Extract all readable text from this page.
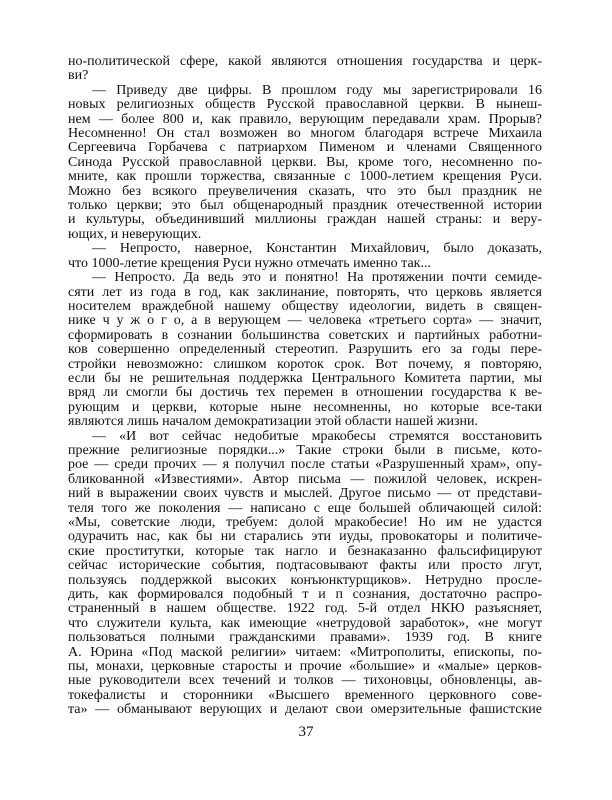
но-политической сфере, какой являются отношения государства и церк-
ви?
— Приведу две цифры. В прошлом году мы зарегистрировали 16
новых религиозных обществ Русской православной церкви. В нынеш-
нем — более 800 и, как правило, верующим передавали храм. Прорыв?
Несомненно! Он стал возможен во многом благодаря встрече Михаила
Сергеевича Горбачева с патриархом Пименом и членами Священного
Синода Русской православной церкви. Вы, кроме того, несомненно по-
мните, как прошли торжества, связанные с 1000-летием крещения Руси.
Можно без всякого преувеличения сказать, что это был праздник не
только церкви; это был общенародный праздник отечественной истории
и культуры, объединивший миллионы граждан нашей страны: и веру-
ющих, и неверующих.
— Непросто, наверное, Константин Михайлович, было доказать,
что 1000-летие крещения Руси нужно отмечать именно так...
— Непросто. Да ведь это и понятно! На протяжении почти семиде-
сяти лет из года в год, как заклинание, повторять, что церковь является
носителем враждебной нашему обществу идеологии, видеть в священ-
нике ч у ж о г о, а в верующем — человека «третьего сорта» — значит,
сформировать в сознании большинства советских и партийных работни-
ков совершенно определенный стереотип. Разрушить его за годы пере-
стройки невозможно: слишком короток срок. Вот почему, я повторяю,
если бы не решительная поддержка Центрального Комитета партии, мы
вряд ли смогли бы достичь тех перемен в отношении государства к ве-
рующим и церкви, которые ныне несомненны, но которые все-таки
являются лишь началом демократизации этой области нашей жизни.
— «И вот сейчас недобитые мракобесы стремятся восстановить
прежние религиозные порядки...» Такие строки были в письме, кото-
рое — среди прочих — я получил после статьи «Разрушенный храм», опу-
бликованной «Известиями». Автор письма — пожилой человек, искрен-
ний в выражении своих чувств и мыслей. Другое письмо — от представи-
теля того же поколения — написано с еще большей обличающей силой:
«Мы, советские люди, требуем: долой мракобесие! Но им не удастся
одурачить нас, как бы ни старались эти иуды, провокаторы и политиче-
ские проститутки, которые так нагло и безнаказанно фальсифицируют
сейчас исторические события, подтасовывают факты или просто лгут,
пользуясь поддержкой высоких конъюнктурщиков». Нетрудно просле-
дить, как формировался подобный т и п сознания, достаточно распро-
страненный в нашем обществе. 1922 год. 5-й отдел НКЮ разъясняет,
что служители культа, как имеющие «нетрудовой заработок», «не могут
пользоваться полными гражданскими правами». 1939 год. В книге
А. Юрина «Под маской религии» читаем: «Митрополиты, епископы, по-
пы, монахи, церковные старосты и прочие «большие» и «малые» церков-
ные руководители всех течений и толков — тихоновцы, обновленцы, ав-
токефалисты и сторонники «Высшего временного церковного сове-
та» — обманывают верующих и делают свои омерзительные фашистские
37
